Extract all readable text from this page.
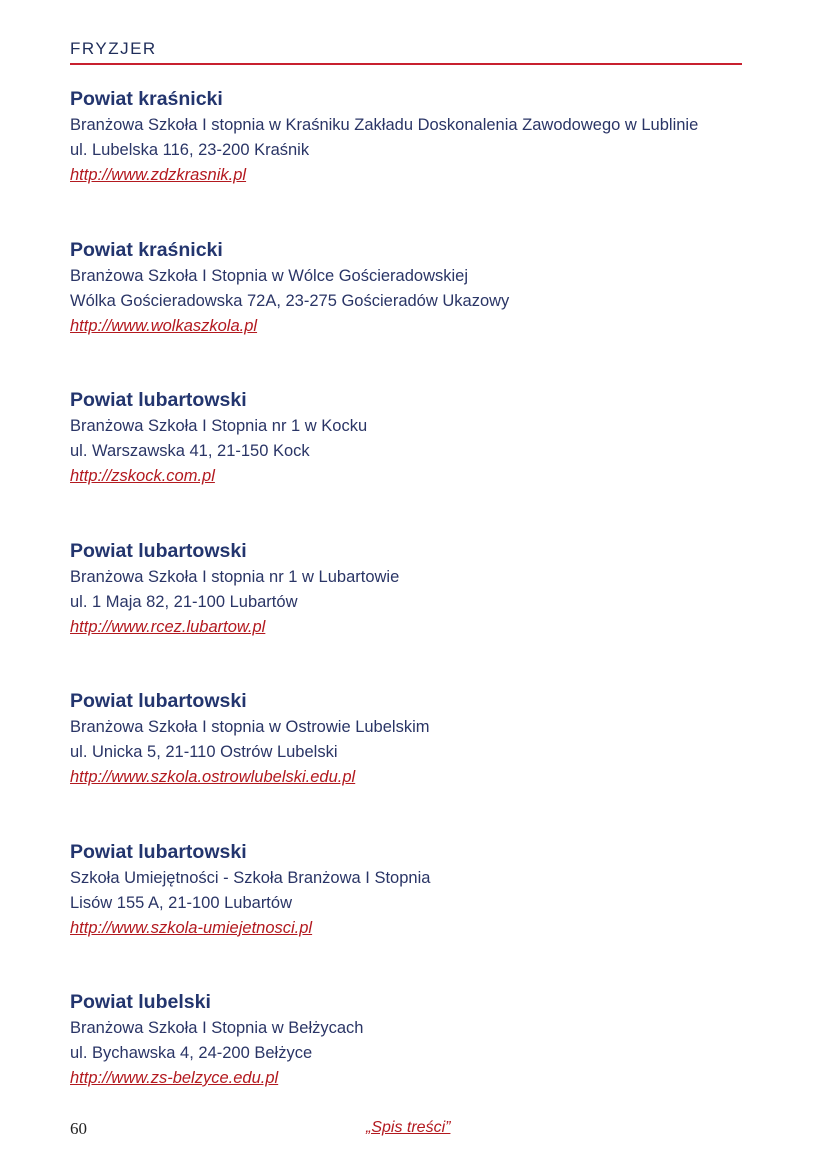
FRYZJER
Powiat kraśnicki
Branżowa Szkoła I stopnia w Kraśniku Zakładu Doskonalenia Zawodowego w Lublinie
ul. Lubelska 116, 23-200 Kraśnik
http://www.zdzkrasnik.pl
Powiat kraśnicki
Branżowa Szkoła I Stopnia w Wólce Gościeradowskiej
Wólka Gościeradowska 72A, 23-275 Gościeradów Ukazowy
http://www.wolkaszkola.pl
Powiat lubartowski
Branżowa Szkoła I Stopnia nr 1 w Kocku
ul. Warszawska 41, 21-150 Kock
http://zskock.com.pl
Powiat lubartowski
Branżowa Szkoła I stopnia nr 1 w Lubartowie
ul. 1 Maja 82, 21-100 Lubartów
http://www.rcez.lubartow.pl
Powiat lubartowski
Branżowa Szkoła I stopnia w Ostrowie Lubelskim
ul. Unicka 5, 21-110 Ostrów Lubelski
http://www.szkola.ostrowlubelski.edu.pl
Powiat lubartowski
Szkoła Umiejętności - Szkoła Branżowa I Stopnia
Lisów 155 A, 21-100 Lubartów
http://www.szkola-umiejetnosci.pl
Powiat lubelski
Branżowa Szkoła I Stopnia w Bełżycach
ul. Bychawska 4, 24-200 Bełżyce
http://www.zs-belzyce.edu.pl
60	„Spis treści”
